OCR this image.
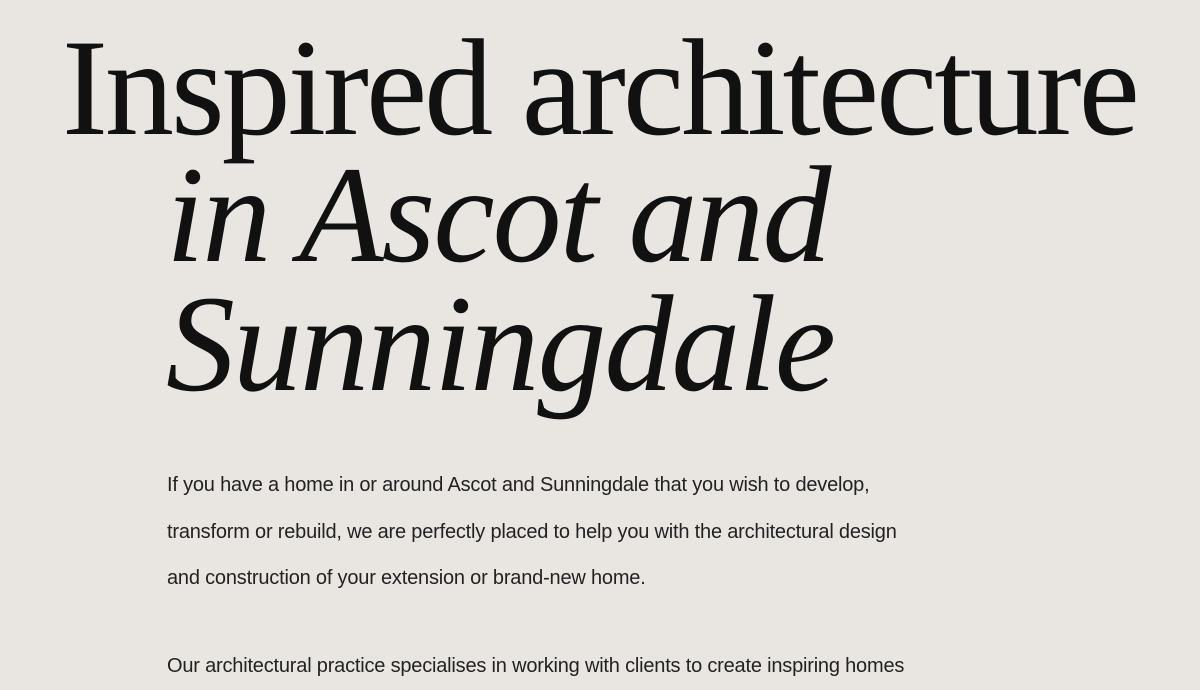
Inspired architecture
in Ascot and
Sunningdale

If you have a home in or around Ascot and Sunningdale that you wish to develop,
transform or rebuild, we are perfectly placed to help you with the architectural design
and construction of your extension or brand-new home.

Our architectural practice specialises in working with clients to create inspiring homes
